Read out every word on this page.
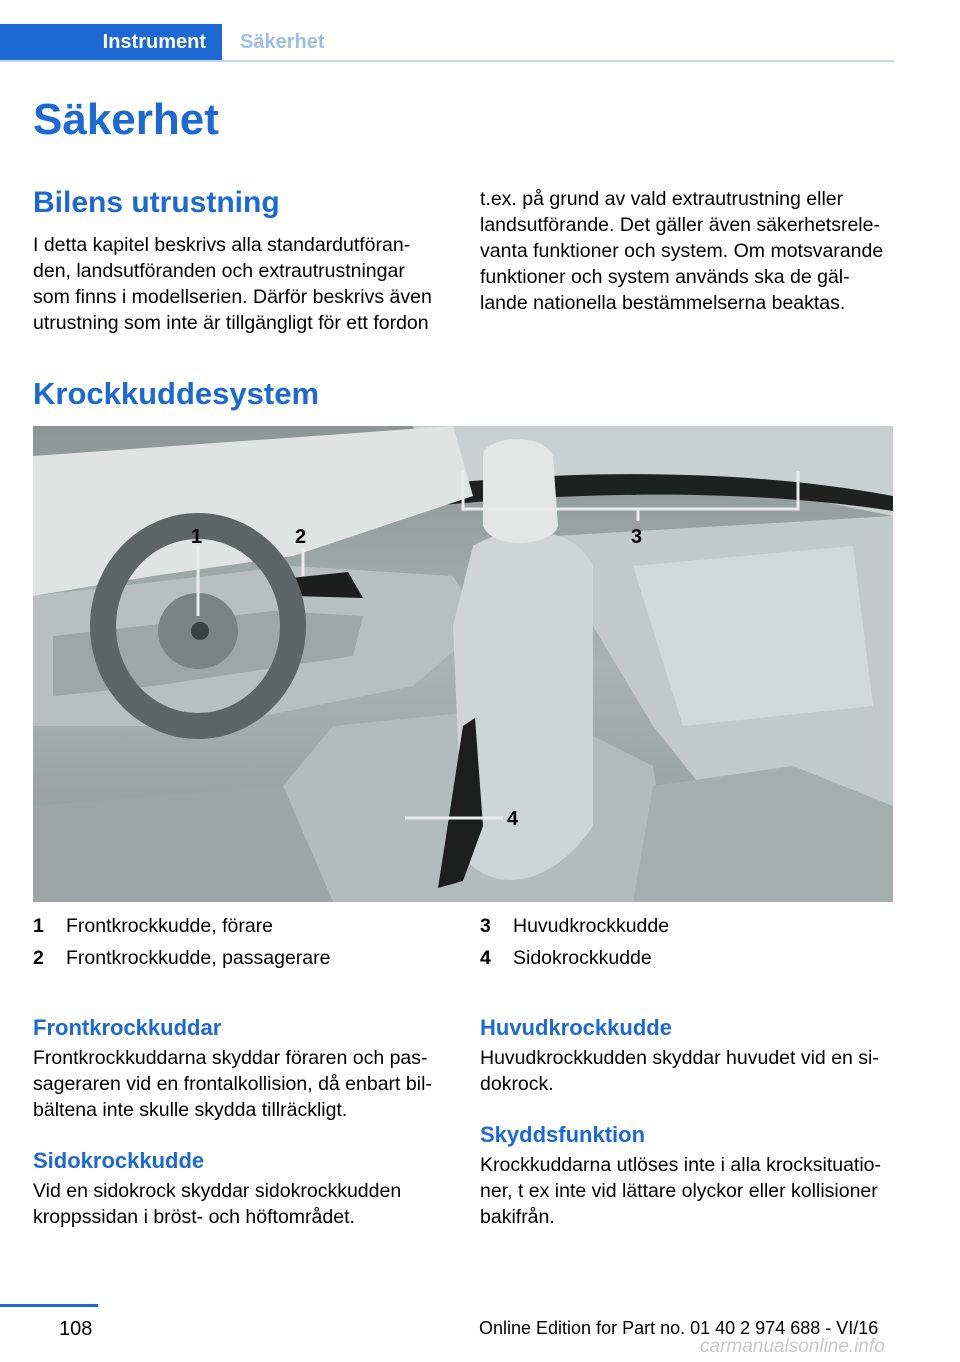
Instrument	Säkerhet
Säkerhet
Bilens utrustning
I detta kapitel beskrivs alla standardutföran-
den, landsutföranden och extrautrustningar
som finns i modellserien. Därför beskrivs även
utrustning som inte är tillgängligt för ett fordon
t.ex. på grund av vald extrautrustning eller
landsutförande. Det gäller även säkerhetsrele-
vanta funktioner och system. Om motsvarande
funktioner och system används ska de gäl-
lande nationella bestämmelserna beaktas.
Krockkuddesystem
1	2	3
4
1 Frontkrockkudde, förare
2 Frontkrockkudde, passagerare
3 Huvudkrockkudde
4 Sidokrockkudde
Frontkrockkuddar
Frontkrockkuddarna skyddar föraren och pas-
sageraren vid en frontalkollision, då enbart bil-
bältena inte skulle skydda tillräckligt.
Sidokrockkudde
Vid en sidokrock skyddar sidokrockkudden
kroppssidan i bröst- och höftområdet.
Huvudkrockkudde
Huvudkrockkudden skyddar huvudet vid en si-
dokrock.
Skyddsfunktion
Krockkuddarna utlöses inte i alla krocksituatio-
ner, t ex inte vid lättare olyckor eller kollisioner
bakifrån.
108	Online Edition for Part no. 01 40 2 974 688 - VI/16
carmanualsonline.info
